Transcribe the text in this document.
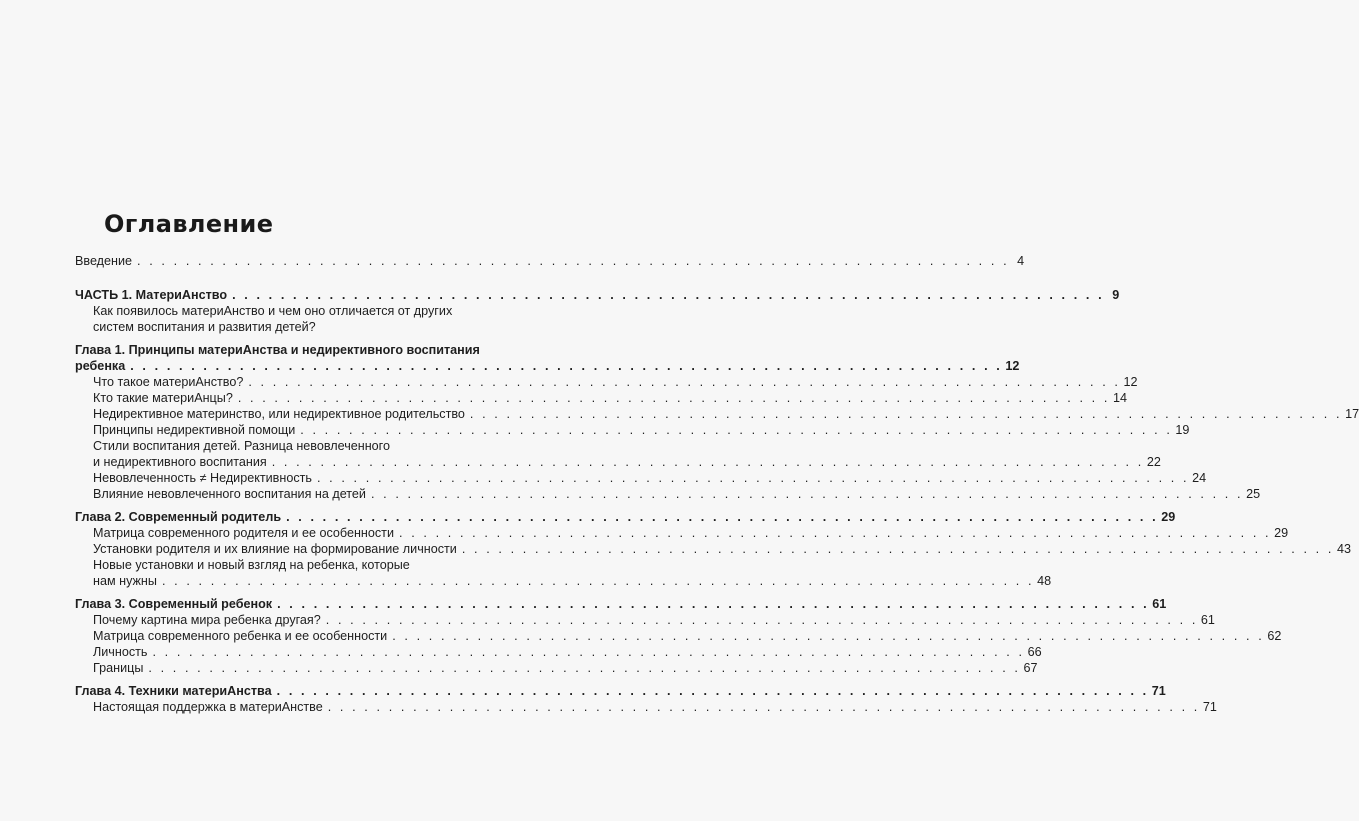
Оглавление
Введение . . . . . . . . . . . . . . . . . . . . . . . . . . . . . . . . . . . . . . . . . . . . . . . . . . . . . . . . . . . . . . . . . . . . . . . . 4
ЧАСТЬ 1. МатериАнство . . . . . . . . . . . . . . . . . . . . . . . . . . . . . . . . . . . . . . . . . . . . . . . . . . . . . . . . . . . . . . . . . . . . . . . . 9
Как появилось материАнство и чем оно отличается от других
систем воспитания и развития детей?
Глава 1. Принципы материАнства и недирективного воспитания
ребенка . . . . . . . . . . . . . . . . . . . . . . . . . . . . . . . . . . . . . . . . . . . . . . . . . . . . . . . . . . . . . . . . . . . . . . . . 12
Что такое материАнство? . . . . . . . . . . . . . . . . . . . . . . . . . . . . . . . . . . . . . . . . . . . . . . . . . . . . . . . . . . . . . . . . . . . . . . . . 12
Кто такие материАнцы? . . . . . . . . . . . . . . . . . . . . . . . . . . . . . . . . . . . . . . . . . . . . . . . . . . . . . . . . . . . . . . . . . . . . . . . . 14
Недирективное материнство, или недирективное родительство . . . . . . . . . . . . . . . . . . . . . . . . . . . . . . . . . . . . . . . . . . . . . . . . . . . . . . . . . . . . . . . . . . . . . . . . 17
Принципы недирективной помощи . . . . . . . . . . . . . . . . . . . . . . . . . . . . . . . . . . . . . . . . . . . . . . . . . . . . . . . . . . . . . . . . . . . . . . . . 19
Стили воспитания детей. Разница невовлеченного
и недирективного воспитания . . . . . . . . . . . . . . . . . . . . . . . . . . . . . . . . . . . . . . . . . . . . . . . . . . . . . . . . . . . . . . . . . . . . . . . . 22
Невовлеченность ≠ Недирективность . . . . . . . . . . . . . . . . . . . . . . . . . . . . . . . . . . . . . . . . . . . . . . . . . . . . . . . . . . . . . . . . . . . . . . . . 24
Влияние невовлеченного воспитания на детей . . . . . . . . . . . . . . . . . . . . . . . . . . . . . . . . . . . . . . . . . . . . . . . . . . . . . . . . . . . . . . . . . . . . . . . . 25
Глава 2. Современный родитель . . . . . . . . . . . . . . . . . . . . . . . . . . . . . . . . . . . . . . . . . . . . . . . . . . . . . . . . . . . . . . . . . . . . . . . . 29
Матрица современного родителя и ее особенности . . . . . . . . . . . . . . . . . . . . . . . . . . . . . . . . . . . . . . . . . . . . . . . . . . . . . . . . . . . . . . . . . . . . . . . . 29
Установки родителя и их влияние на формирование личности . . . . . . . . . . . . . . . . . . . . . . . . . . . . . . . . . . . . . . . . . . . . . . . . . . . . . . . . . . . . . . . . . . . . . . . . 43
Новые установки и новый взгляд на ребенка, которые
нам нужны . . . . . . . . . . . . . . . . . . . . . . . . . . . . . . . . . . . . . . . . . . . . . . . . . . . . . . . . . . . . . . . . . . . . . . . . 48
Глава 3. Современный ребенок . . . . . . . . . . . . . . . . . . . . . . . . . . . . . . . . . . . . . . . . . . . . . . . . . . . . . . . . . . . . . . . . . . . . . . . . 61
Почему картина мира ребенка другая? . . . . . . . . . . . . . . . . . . . . . . . . . . . . . . . . . . . . . . . . . . . . . . . . . . . . . . . . . . . . . . . . . . . . . . . . 61
Матрица современного ребенка и ее особенности . . . . . . . . . . . . . . . . . . . . . . . . . . . . . . . . . . . . . . . . . . . . . . . . . . . . . . . . . . . . . . . . . . . . . . . . 62
Личность . . . . . . . . . . . . . . . . . . . . . . . . . . . . . . . . . . . . . . . . . . . . . . . . . . . . . . . . . . . . . . . . . . . . . . . . 66
Границы . . . . . . . . . . . . . . . . . . . . . . . . . . . . . . . . . . . . . . . . . . . . . . . . . . . . . . . . . . . . . . . . . . . . . . . . 67
Глава 4. Техники материАнства . . . . . . . . . . . . . . . . . . . . . . . . . . . . . . . . . . . . . . . . . . . . . . . . . . . . . . . . . . . . . . . . . . . . . . . . 71
Настоящая поддержка в материАнстве . . . . . . . . . . . . . . . . . . . . . . . . . . . . . . . . . . . . . . . . . . . . . . . . . . . . . . . . . . . . . . . . . . . . . . . . 71
